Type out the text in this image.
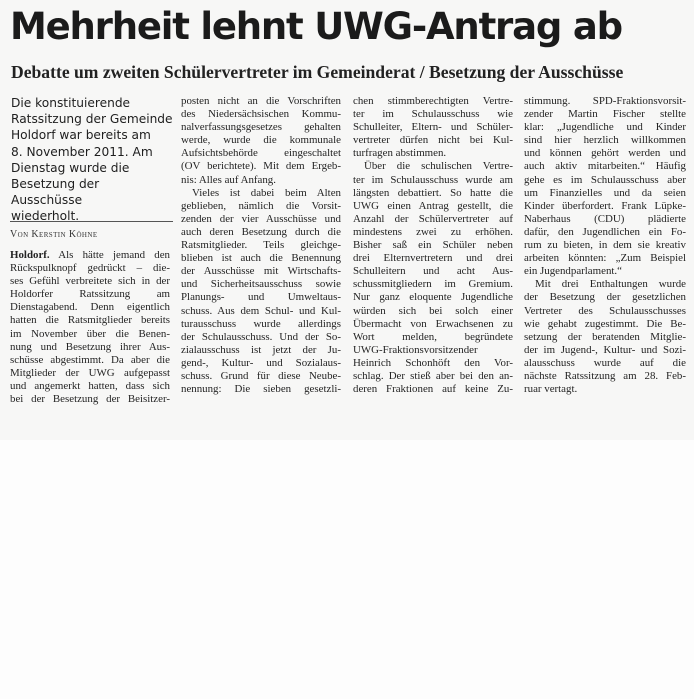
Mehrheit lehnt UWG-Antrag ab
Debatte um zweiten Schülervertreter im Gemeinderat / Besetzung der Ausschüsse
Die konstituierende
Ratssitzung der Gemeinde
Holdorf war bereits am
8. November 2011. Am
Dienstag wurde die
Besetzung der Ausschüsse
wiederholt.
Von Kerstin Köhne
Holdorf. Als hätte jemand den
Rückspulknopf gedrückt – die-
ses Gefühl verbreitete sich in der
Holdorfer Ratssitzung am
Dienstagabend. Denn eigentlich
hatten die Ratsmitglieder bereits
im November über die Benen-
nung und Besetzung ihrer Aus-
schüsse abgestimmt. Da aber die
Mitglieder der UWG aufgepasst
und angemerkt hatten, dass sich
bei der Besetzung der Beisitzer-
posten nicht an die Vorschriften
des Niedersächsischen Kommu-
nalverfassungsgesetzes gehalten
werde, wurde die kommunale
Aufsichtsbehörde eingeschaltet
(OV berichtete). Mit dem Ergeb-
nis: Alles auf Anfang.
Vieles ist dabei beim Alten
geblieben, nämlich die Vorsit-
zenden der vier Ausschüsse und
auch deren Besetzung durch die
Ratsmitglieder. Teils gleichge-
blieben ist auch die Benennung
der Ausschüsse mit Wirtschafts-
und Sicherheitsausschuss sowie
Planungs- und Umweltaus-
schuss. Aus dem Schul- und Kul-
turausschuss wurde allerdings
der Schulausschuss. Und der So-
zialausschuss ist jetzt der Ju-
gend-, Kultur- und Sozialaus-
schuss. Grund für diese Neube-
nennung: Die sieben gesetzli-
chen stimmberechtigten Vertre-
ter im Schulausschuss wie
Schulleiter, Eltern- und Schüler-
vertreter dürfen nicht bei Kul-
turfragen abstimmen.
Über die schulischen Vertre-
ter im Schulausschuss wurde am
längsten debattiert. So hatte die
UWG einen Antrag gestellt, die
Anzahl der Schülervertreter auf
mindestens zwei zu erhöhen.
Bisher saß ein Schüler neben
drei Elternvertretern und drei
Schulleitern und acht Aus-
schussmitgliedern im Gremium.
Nur ganz eloquente Jugendliche
würden sich bei solch einer
Übermacht von Erwachsenen zu
Wort melden, begründete
UWG-Fraktionsvorsitzender
Heinrich Schonhöft den Vor-
schlag. Der stieß aber bei den an-
deren Fraktionen auf keine Zu-
stimmung. SPD-Fraktionsvorsit-
zender Martin Fischer stellte
klar: „Jugendliche und Kinder
sind hier herzlich willkommen
und können gehört werden und
auch aktiv mitarbeiten.“ Häufig
gehe es im Schulausschuss aber
um Finanzielles und da seien
Kinder überfordert. Frank Lüpke-
Naberhaus (CDU) plädierte
dafür, den Jugendlichen ein Fo-
rum zu bieten, in dem sie kreativ
arbeiten könnten: „Zum Beispiel
ein Jugendparlament.“
Mit drei Enthaltungen wurde
der Besetzung der gesetzlichen
Vertreter des Schulausschusses
wie gehabt zugestimmt. Die Be-
setzung der beratenden Mitglie-
der im Jugend-, Kultur- und Sozi-
alausschuss wurde auf die
nächste Ratssitzung am 28. Feb-
ruar vertagt.
